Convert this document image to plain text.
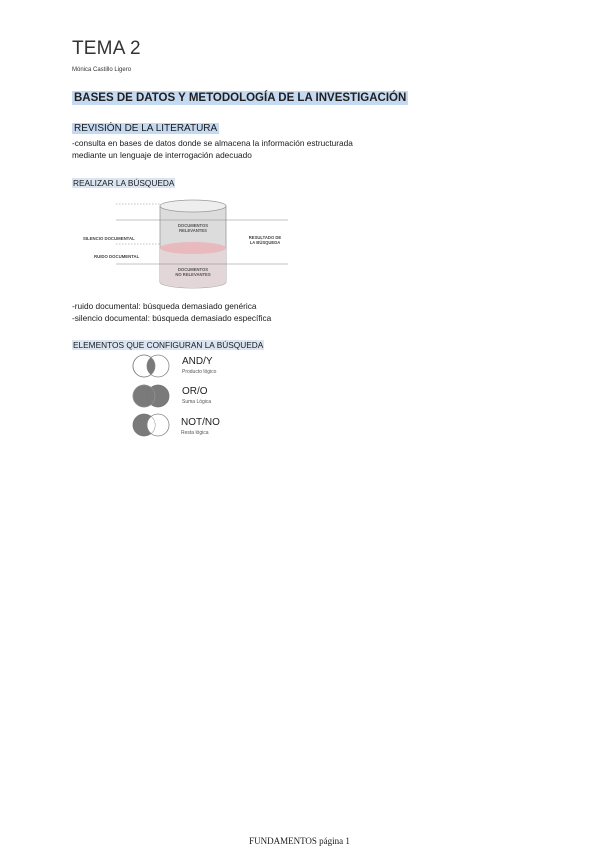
TEMA 2
Mónica Castillo Ligero
BASES DE DATOS Y METODOLOGÍA DE LA INVESTIGACIÓN
REVISIÓN DE LA LITERATURA
-consulta en bases de datos donde se almacena la información estructurada
mediante un lenguaje de interrogación adecuado
REALIZAR LA BÚSQUEDA
DOCUMENTOS
RELEVANTES
DOCUMENTOS
NO RELEVANTES
SILENCIO DOCUMENTAL
RUIDO DOCUMENTAL
RESULTADO DE
LA BÚSQUEDA
-ruido documental: búsqueda demasiado genérica
-silencio documental: búsqueda demasiado específica
ELEMENTOS QUE CONFIGURAN LA BÚSQUEDA
AND/Y
Producto lógico
OR/O
Suma Lógica
NOT/NO
Resta lógica
FUNDAMENTOS página 1
